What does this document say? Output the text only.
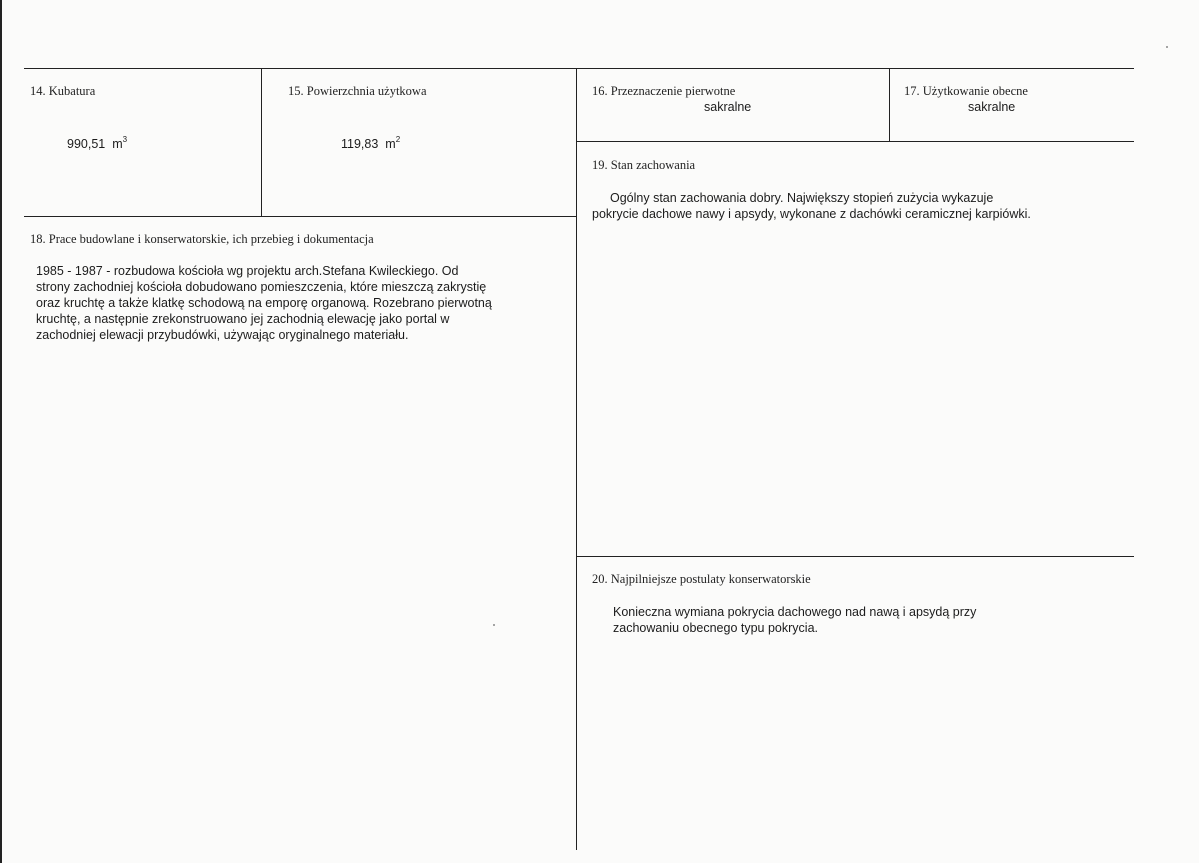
14. Kubatura
990,51 $m^3$
15. Powierzchnia użytkowa
119,83 $m^2$
16. Przeznaczenie pierwotne
sakralne
17. Użytkowanie obecne
sakralne
19. Stan zachowania
Ogólny stan zachowania dobry. Największy stopień zużycia wykazuje
pokrycie dachowe nawy i apsydy, wykonane z dachówki ceramicznej karpiówki.
18. Prace budowlane i konserwatorskie, ich przebieg i dokumentacja
1985 - 1987 - rozbudowa kościoła wg projektu arch.Stefana Kwileckiego. Od
strony zachodniej kościoła dobudowano pomieszczenia, które mieszczą zakrystię
oraz kruchtę a także klatkę schodową na emporę organową. Rozebrano pierwotną
kruchtę, a następnie zrekonstruowano jej zachodnią elewację jako portal w
zachodniej elewacji przybudówki, używając oryginalnego materiału.
20. Najpilniejsze postulaty konserwatorskie
Konieczna wymiana pokrycia dachowego nad nawą i apsydą przy
zachowaniu obecnego typu pokrycia.
